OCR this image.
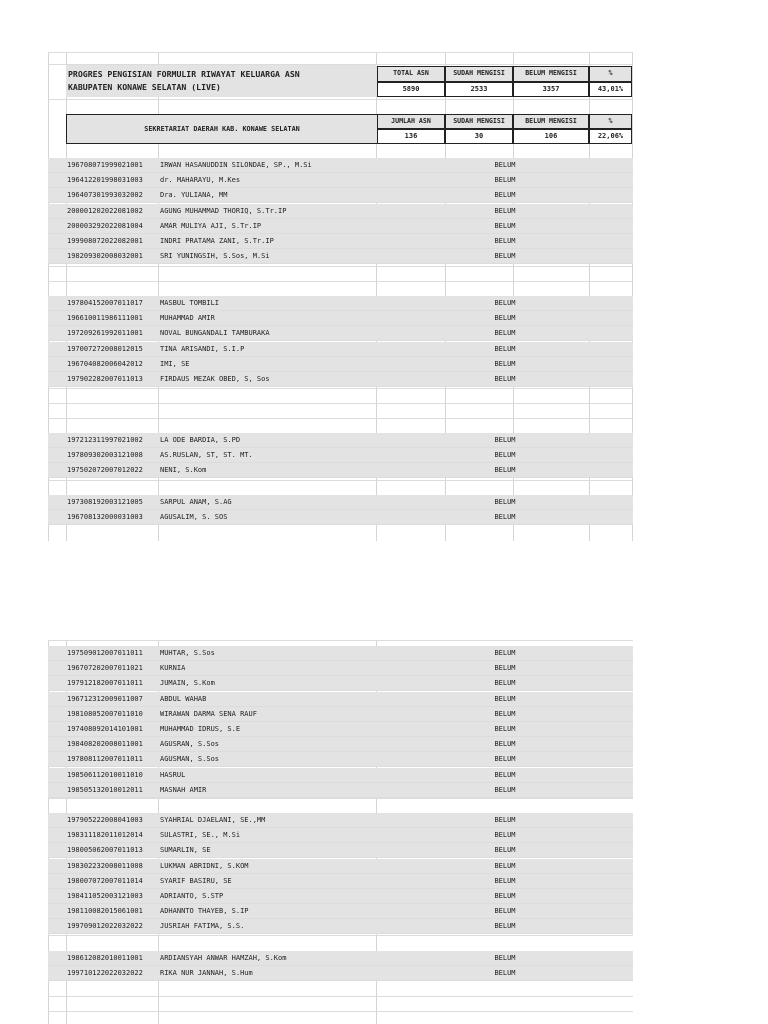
PROGRES PENGISIAN FORMULIR RIWAYAT KELUARGA ASN
KABUPATEN KONAWE SELATAN (LIVE)
TOTAL ASN	SUDAH MENGISI	BELUM MENGISI	%
5890	2533	3357	43,01%
SEKRETARIAT DAERAH KAB. KONAWE SELATAN
JUMLAH ASN	SUDAH MENGISI	BELUM MENGISI	%
136	30	106	22,06%
196708071999021001	IRWAN HASANUDDIN SILONDAE, SP., M.Si	BELUM
196412201998031003	dr. MAHARAYU, M.Kes	BELUM
196407301993032002	Dra. YULIANA, MM	BELUM
200001202022081002	AGUNG MUHAMMAD THORIQ, S.Tr.IP	BELUM
200003292022081004	AMAR MULIYA AJI, S.Tr.IP	BELUM
199908072022082001	INDRI PRATAMA ZANI, S.Tr.IP	BELUM
198209302008032001	SRI YUNINGSIH, S.Sos, M.Si	BELUM
197804152007011017	MASBUL TOMBILI	BELUM
196610011986111001	MUHAMMAD AMIR	BELUM
197209261992011001	NOVAL BUNGANDALI TAMBURAKA	BELUM
197007272008012015	TINA ARISANDI, S.I.P	BELUM
196704082006042012	IMI, SE	BELUM
197902282007011013	FIRDAUS MEZAK OBED, S, Sos	BELUM
197212311997021002	LA ODE BARDIA, S.PD	BELUM
197809302003121008	AS.RUSLAN, ST, ST. MT.	BELUM
197502072007012022	NENI, S.Kom	BELUM
197308192003121005	SARPUL ANAM, S.AG	BELUM
196708132000031003	AGUSALIM, S. SOS	BELUM
197509012007011011	MUHTAR, S.Sos	BELUM
196707202007011021	KURNIA	BELUM
197912182007011011	JUMAIN, S.Kom	BELUM
196712312009011007	ABDUL WAHAB	BELUM
198108052007011010	WIRAWAN DARMA SENA RAUF	BELUM
197408092014101001	MUHAMMAD IDRUS, S.E	BELUM
198408202008011001	AGUSRAN, S.Sos	BELUM
197808112007011011	AGUSMAN, S.Sos	BELUM
198506112010011010	HASRUL	BELUM
198505132010012011	MASNAH AMIR	BELUM
197905222008041003	SYAHRIAL DJAELANI, SE.,MM	BELUM
198311182011012014	SULASTRI, SE., M.Si	BELUM
198005062007011013	SUMARLIN, SE	BELUM
198302232008011008	LUKMAN ABRIDNI, S.KOM	BELUM
198007072007011014	SYARIF BASIRU, SE	BELUM
198411052003121003	ADRIANTO, S.STP	BELUM
198110082015061001	ADHANNTO THAYEB, S.IP	BELUM
199709012022032022	JUSRIAH FATIMA, S.S.	BELUM
198612082010011001	ARDIANSYAH ANWAR HAMZAH, S.Kom	BELUM
199710122022032022	RIKA NUR JANNAH, S.Hum	BELUM
